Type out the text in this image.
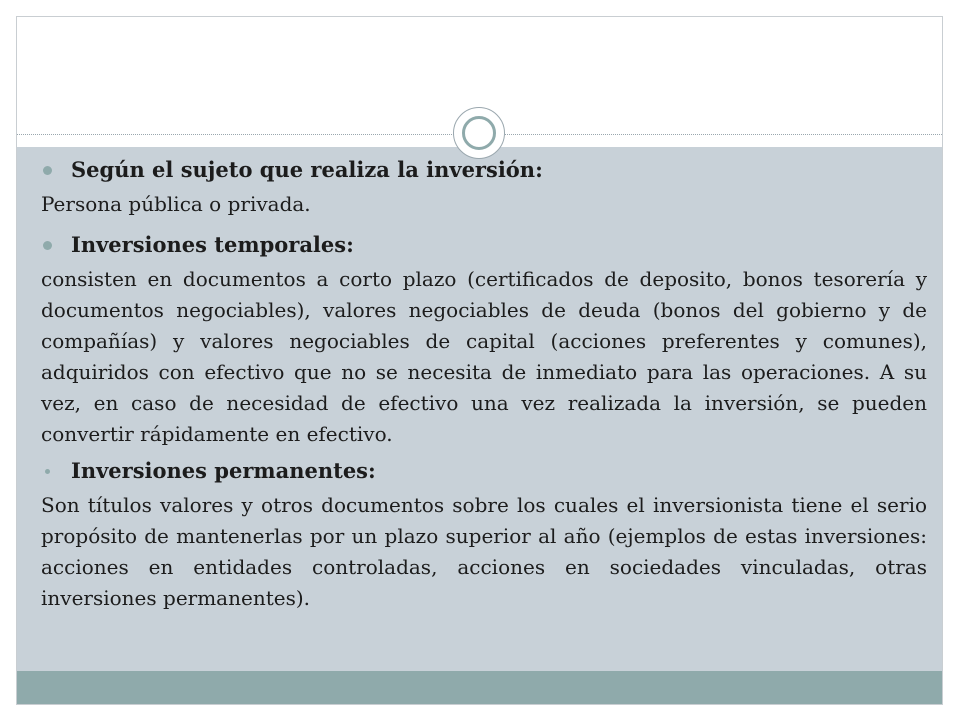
Según el sujeto que realiza la inversión:

Persona pública o privada.

Inversiones temporales:

consisten en documentos a corto plazo (certificados de deposito, bonos tesorería y documentos negociables), valores negociables de deuda (bonos del gobierno y de compañías) y valores negociables de capital (acciones preferentes y comunes), adquiridos con efectivo que no se necesita de inmediato para las operaciones. A su vez, en caso de necesidad de efectivo una vez realizada la inversión, se pueden convertir rápidamente en efectivo.

Inversiones permanentes:

Son títulos valores y otros documentos sobre los cuales el inversionista tiene el serio propósito de mantenerlas por un plazo superior al año (ejemplos de estas inversiones: acciones en entidades controladas, acciones en sociedades vinculadas, otras inversiones permanentes).
